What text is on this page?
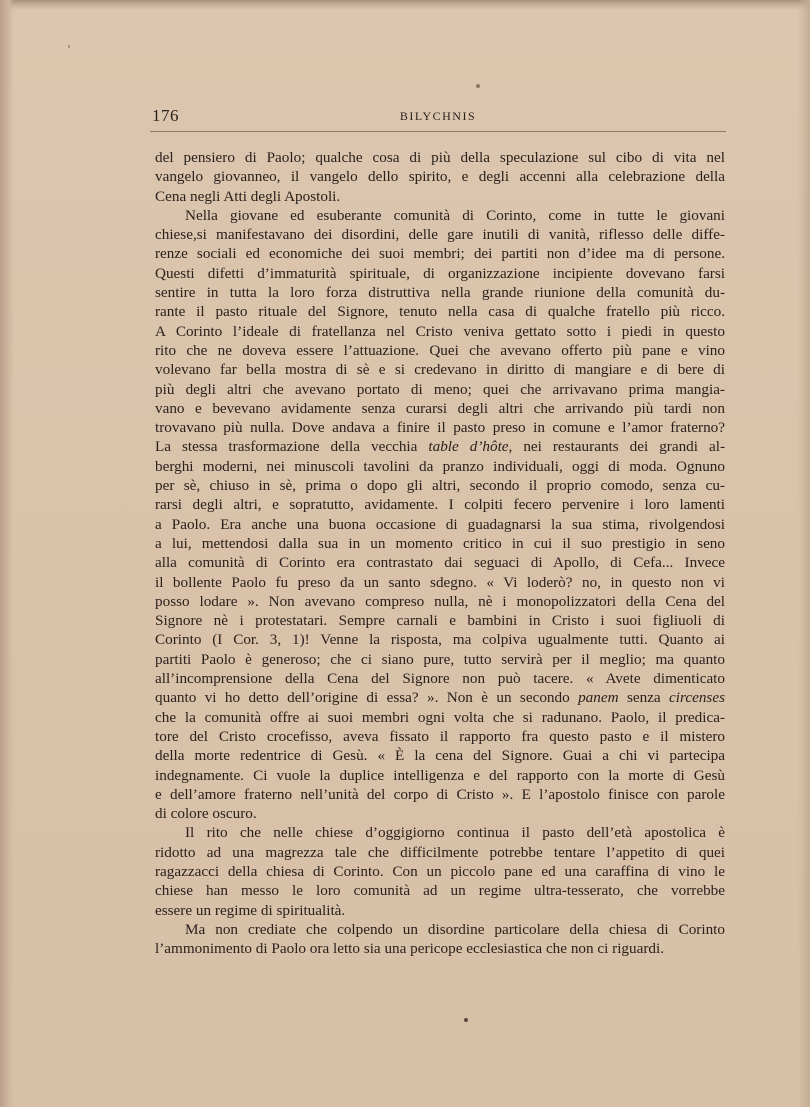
176	BILYCHNIS
del pensiero di Paolo; qualche cosa di più della speculazione sul cibo di vita nel
vangelo giovanneo, il vangelo dello spirito, e degli accenni alla celebrazione della
Cena negli Atti degli Apostoli.
Nella giovane ed esuberante comunità di Corinto, come in tutte le giovani
chiese,si manifestavano dei disordini, delle gare inutili di vanità, riflesso delle diffe-
renze sociali ed economiche dei suoi membri; dei partiti non d’idee ma di persone.
Questi difetti d’immaturità spirituale, di organizzazione incipiente dovevano farsi
sentire in tutta la loro forza distruttiva nella grande riunione della comunità du-
rante il pasto rituale del Signore, tenuto nella casa di qualche fratello più ricco.
A Corinto l’ideale di fratellanza nel Cristo veniva gettato sotto i piedi in questo
rito che ne doveva essere l’attuazione. Quei che avevano offerto più pane e vino
volevano far bella mostra di sè e si credevano in diritto di mangiare e di bere di
più degli altri che avevano portato di meno; quei che arrivavano prima mangia-
vano e bevevano avidamente senza curarsi degli altri che arrivando più tardi non
trovavano più nulla. Dove andava a finire il pasto preso in comune e l’amor fraterno?
La stessa trasformazione della vecchia table d’hôte, nei restaurants dei grandi al-
berghi moderni, nei minuscoli tavolini da pranzo individuali, oggi di moda. Ognuno
per sè, chiuso in sè, prima o dopo gli altri, secondo il proprio comodo, senza cu-
rarsi degli altri, e sopratutto, avidamente. I colpiti fecero pervenire i loro lamenti
a Paolo. Era anche una buona occasione di guadagnarsi la sua stima, rivolgendosi
a lui, mettendosi dalla sua in un momento critico in cui il suo prestigio in seno
alla comunità di Corinto era contrastato dai seguaci di Apollo, di Cefa... Invece
il bollente Paolo fu preso da un santo sdegno. « Vi loderò? no, in questo non vi
posso lodare ». Non avevano compreso nulla, nè i monopolizzatori della Cena del
Signore nè i protestatari. Sempre carnali e bambini in Cristo i suoi figliuoli di
Corinto (I Cor. 3, 1)! Venne la risposta, ma colpiva ugualmente tutti. Quanto ai
partiti Paolo è generoso; che ci siano pure, tutto servirà per il meglio; ma quanto
all’incomprensione della Cena del Signore non può tacere. « Avete dimenticato
quanto vi ho detto dell’origine di essa? ». Non è un secondo panem senza circenses
che la comunità offre ai suoi membri ogni volta che si radunano. Paolo, il predica-
tore del Cristo crocefisso, aveva fissato il rapporto fra questo pasto e il mistero
della morte redentrice di Gesù. « È la cena del Signore. Guai a chi vi partecipa
indegnamente. Ci vuole la duplice intelligenza e del rapporto con la morte di Gesù
e dell’amore fraterno nell’unità del corpo di Cristo ». E l’apostolo finisce con parole
di colore oscuro.
Il rito che nelle chiese d’oggigiorno continua il pasto dell’età apostolica è
ridotto ad una magrezza tale che difficilmente potrebbe tentare l’appetito di quei
ragazzacci della chiesa di Corinto. Con un piccolo pane ed una caraffina di vino le
chiese han messo le loro comunità ad un regime ultra-tesserato, che vorrebbe
essere un regime di spiritualità.
Ma non crediate che colpendo un disordine particolare della chiesa di Corinto
l’ammonimento di Paolo ora letto sia una pericope ecclesiastica che non ci riguardi.
